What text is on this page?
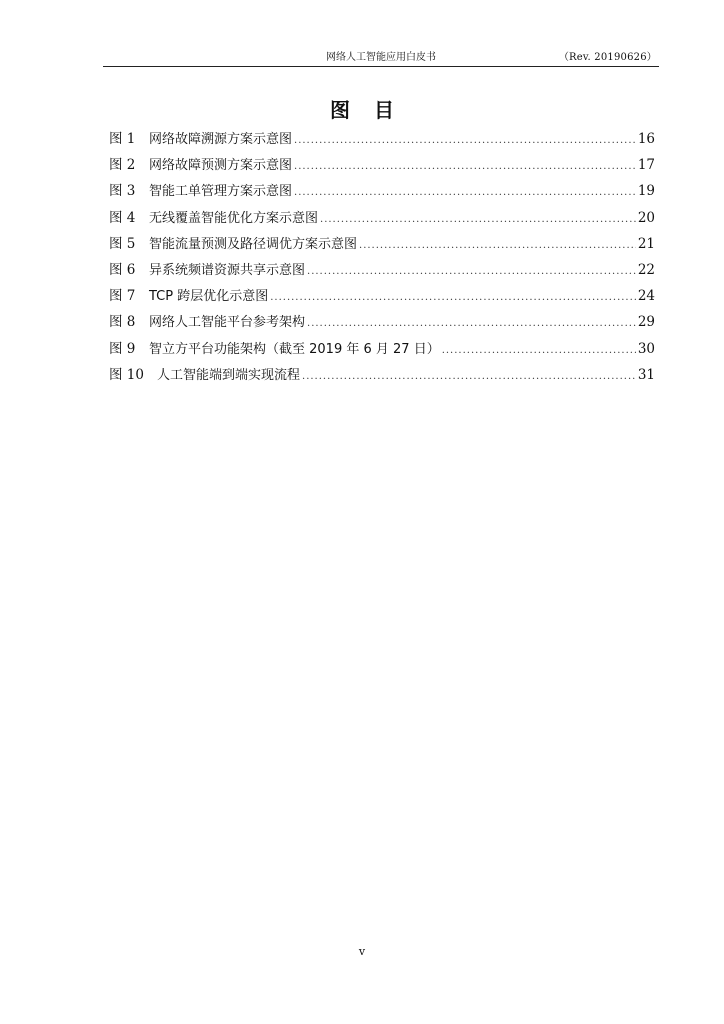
网络人工智能应用白皮书	（Rev. 20190626）
图目
图 1	网络故障溯源方案示意图 .....	16
图 2	网络故障预测方案示意图 .....	17
图 3	智能工单管理方案示意图 .....	19
图 4	无线覆盖智能优化方案示意图 .....	20
图 5	智能流量预测及路径调优方案示意图 .....	21
图 6	异系统频谱资源共享示意图 .....	22
图 7	TCP 跨层优化示意图 .....	24
图 8	网络人工智能平台参考架构 .....	29
图 9	智立方平台功能架构（截至 2019 年 6 月 27 日） .....	30
图 10	人工智能端到端实现流程 .....	31
v
